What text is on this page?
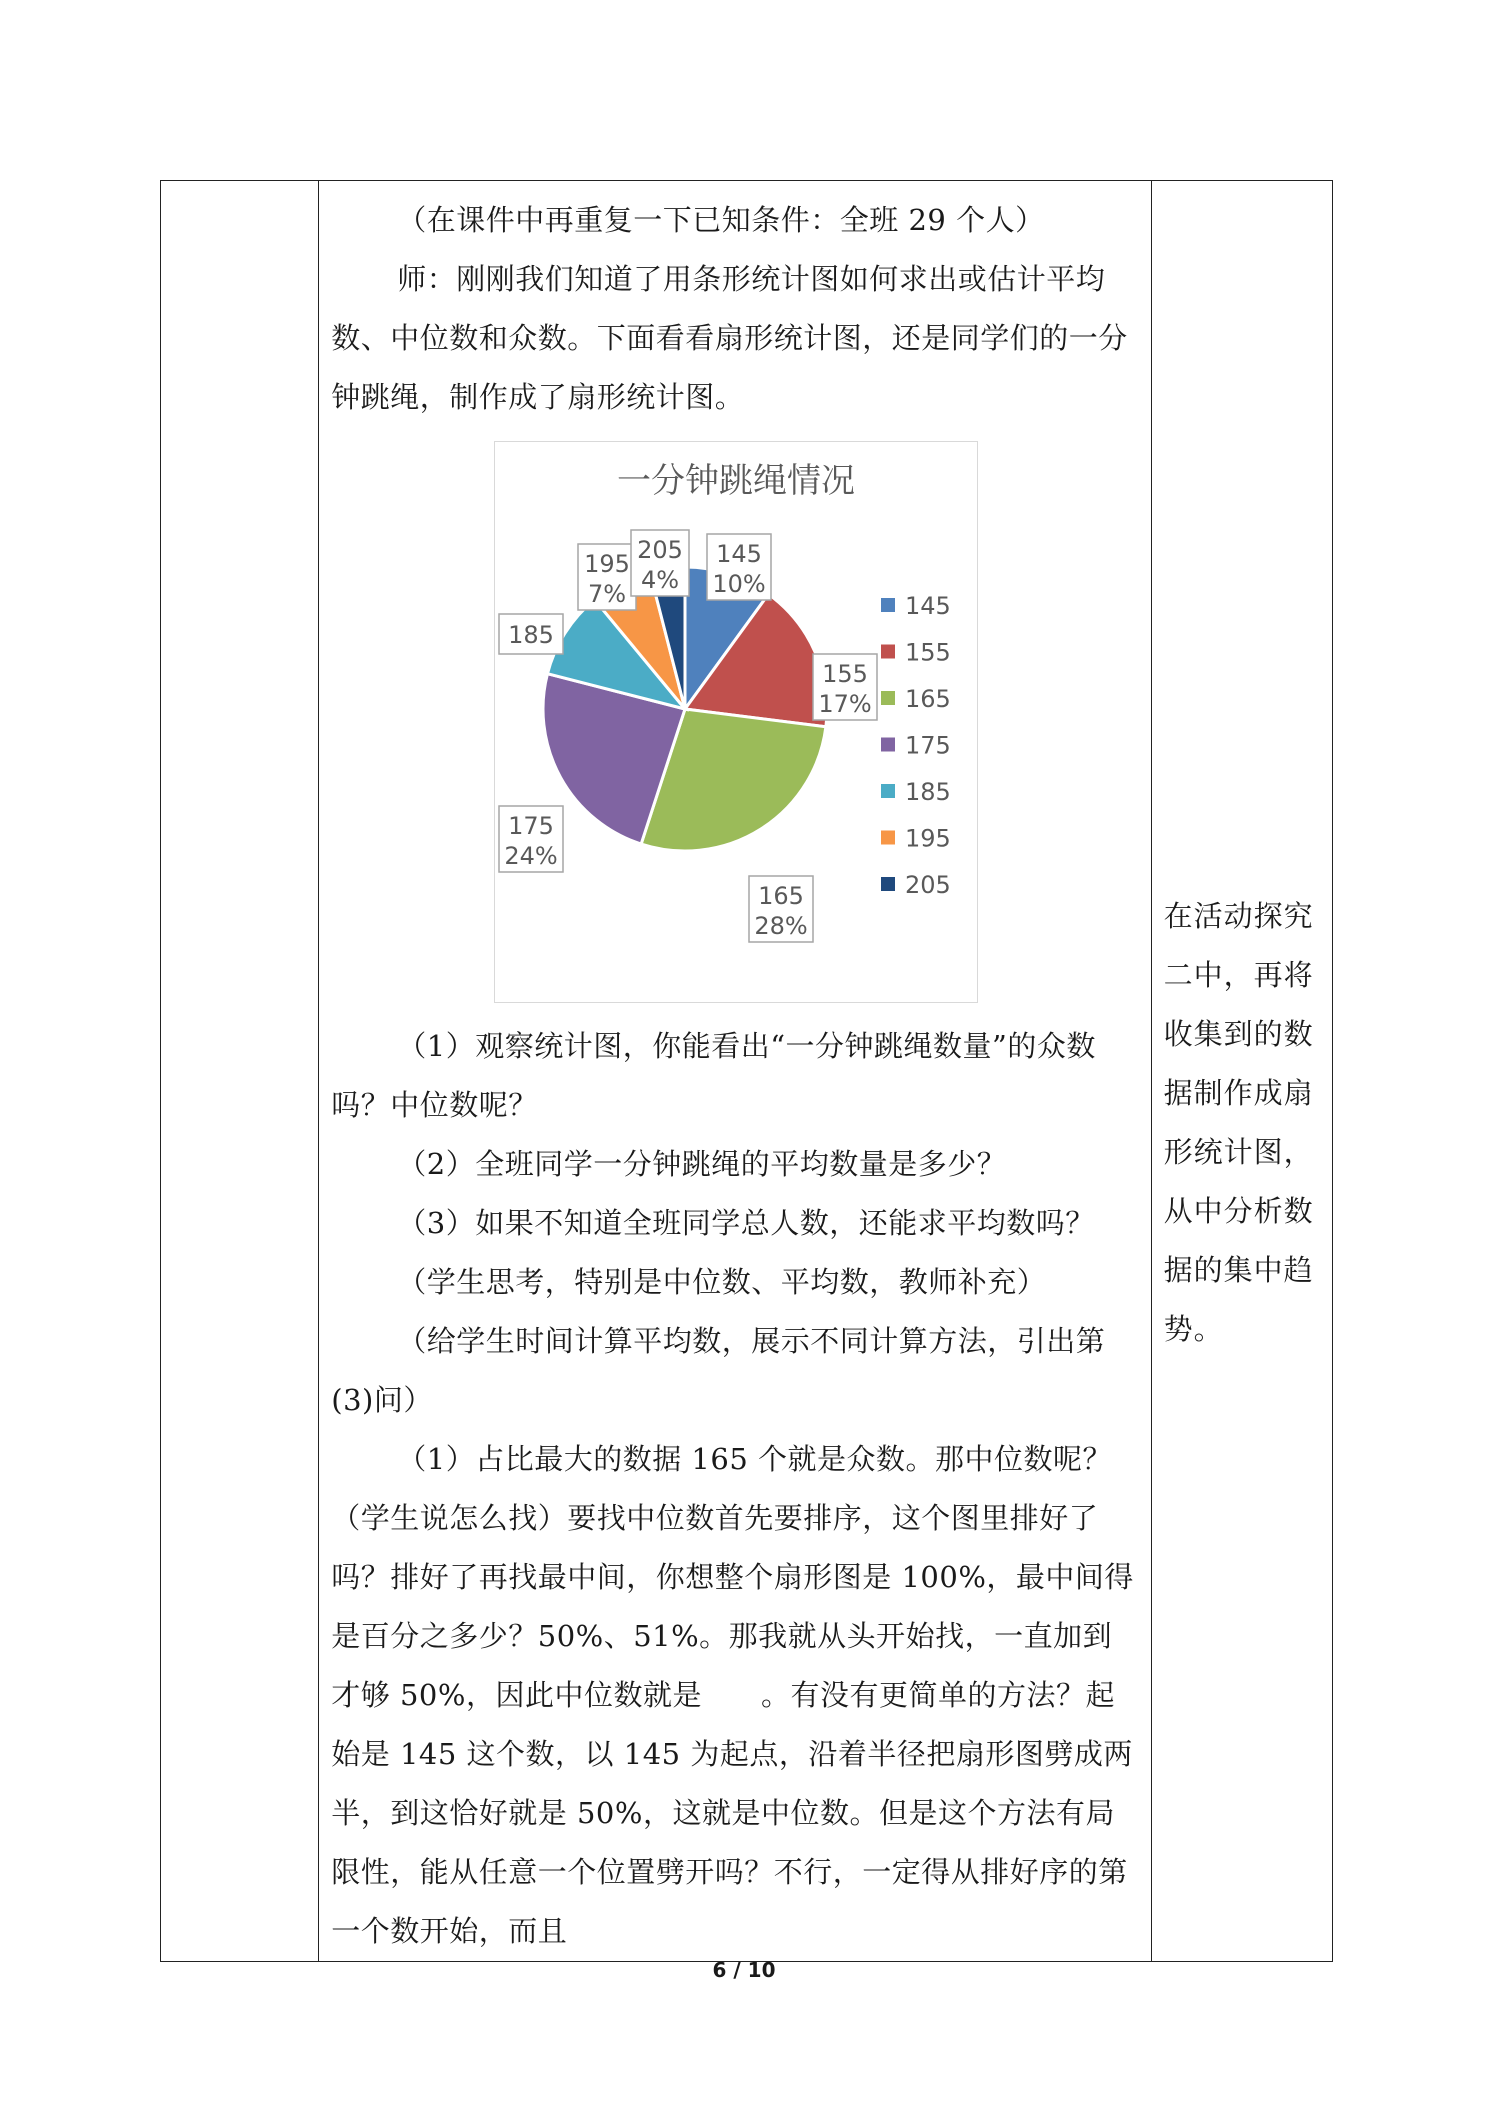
（在课件中再重复一下已知条件：全班 29 个人）

师：刚刚我们知道了用条形统计图如何求出或估计平均数、中位数和众数。下面看看扇形统计图，还是同学们的一分钟跳绳，制作成了扇形统计图。

一分钟跳绳情况
145
10%
155
17%
165
28%
175
24%
185
195
7%
205
4%
145
155
165
175
185
195
205

（1）观察统计图，你能看出“一分钟跳绳数量”的众数吗？中位数呢？

（2）全班同学一分钟跳绳的平均数量是多少？

（3）如果不知道全班同学总人数，还能求平均数吗？

（学生思考，特别是中位数、平均数，教师补充）

（给学生时间计算平均数，展示不同计算方法，引出第(3)问）

（1）占比最大的数据 165 个就是众数。那中位数呢？（学生说怎么找）要找中位数首先要排序，这个图里排好了吗？排好了再找最中间，你想整个扇形图是 100%，最中间得是百分之多少？50%、51%。那我就从头开始找，一直加到　　才够 50%，因此中位数就是　　。有没有更简单的方法？起始是 145 这个数，以 145 为起点，沿着半径把扇形图劈成两半，到这恰好就是 50%，这就是中位数。但是这个方法有局限性，能从任意一个位置劈开吗？不行，一定得从排好序的第一个数开始，而且

在活动探究二中，再将收集到的数据制作成扇形统计图，从中分析数据的集中趋势。
6 / 10
